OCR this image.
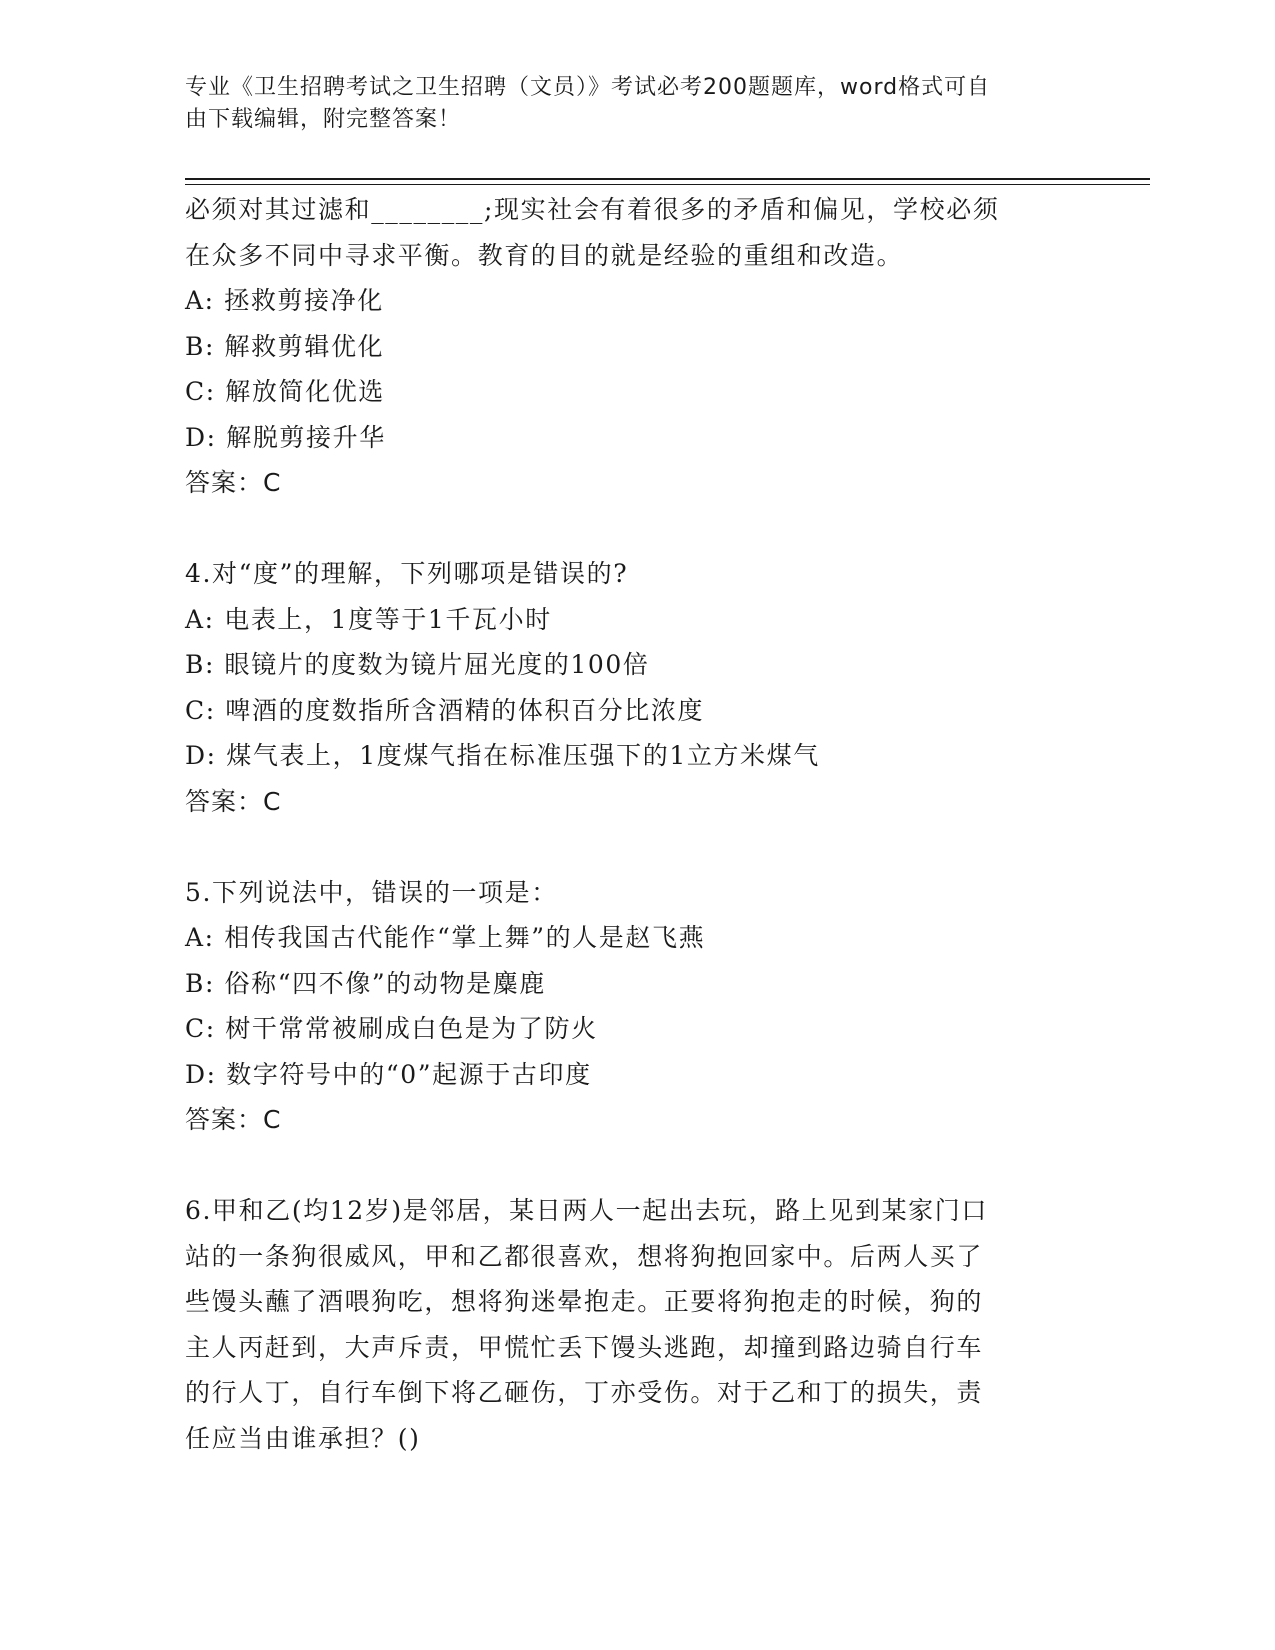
专业《卫生招聘考试之卫生招聘（文员）》考试必考200题题库，word格式可自
由下载编辑，附完整答案！
必须对其过滤和________;现实社会有着很多的矛盾和偏见，学校必须
在众多不同中寻求平衡。教育的目的就是经验的重组和改造。
A: 拯救剪接净化
B: 解救剪辑优化
C: 解放简化优选
D: 解脱剪接升华
答案：C
4.对“度”的理解，下列哪项是错误的?
A: 电表上，1度等于1千瓦小时
B: 眼镜片的度数为镜片屈光度的100倍
C: 啤酒的度数指所含酒精的体积百分比浓度
D: 煤气表上，1度煤气指在标准压强下的1立方米煤气
答案：C
5.下列说法中，错误的一项是：
A: 相传我国古代能作“掌上舞”的人是赵飞燕
B: 俗称“四不像”的动物是麋鹿
C: 树干常常被刷成白色是为了防火
D: 数字符号中的“0”起源于古印度
答案：C
6.甲和乙(均12岁)是邻居，某日两人一起出去玩，路上见到某家门口
站的一条狗很威风，甲和乙都很喜欢，想将狗抱回家中。后两人买了
些馒头蘸了酒喂狗吃，想将狗迷晕抱走。正要将狗抱走的时候，狗的
主人丙赶到，大声斥责，甲慌忙丢下馒头逃跑，却撞到路边骑自行车
的行人丁，自行车倒下将乙砸伤，丁亦受伤。对于乙和丁的损失，责
任应当由谁承担？()
